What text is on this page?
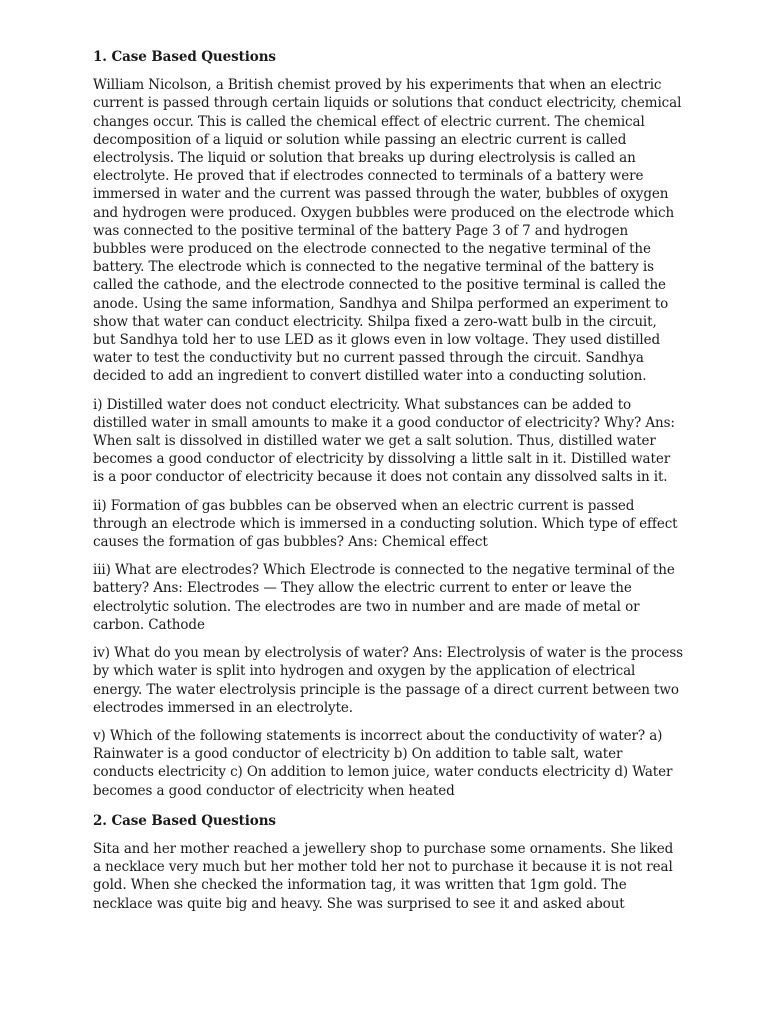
1. Case Based Questions

William Nicolson, a British chemist proved by his experiments that when an electric current is passed through certain liquids or solutions that conduct electricity, chemical changes occur. This is called the chemical effect of electric current. The chemical decomposition of a liquid or solution while passing an electric current is called electrolysis. The liquid or solution that breaks up during electrolysis is called an electrolyte. He proved that if electrodes connected to terminals of a battery were immersed in water and the current was passed through the water, bubbles of oxygen and hydrogen were produced. Oxygen bubbles were produced on the electrode which was connected to the positive terminal of the battery Page 3 of 7 and hydrogen bubbles were produced on the electrode connected to the negative terminal of the battery. The electrode which is connected to the negative terminal of the battery is called the cathode, and the electrode connected to the positive terminal is called the anode. Using the same information, Sandhya and Shilpa performed an experiment to show that water can conduct electricity. Shilpa fixed a zero-watt bulb in the circuit, but Sandhya told her to use LED as it glows even in low voltage. They used distilled water to test the conductivity but no current passed through the circuit. Sandhya decided to add an ingredient to convert distilled water into a conducting solution.

i) Distilled water does not conduct electricity. What substances can be added to distilled water in small amounts to make it a good conductor of electricity? Why? Ans: When salt is dissolved in distilled water we get a salt solution. Thus, distilled water becomes a good conductor of electricity by dissolving a little salt in it. Distilled water is a poor conductor of electricity because it does not contain any dissolved salts in it.

ii) Formation of gas bubbles can be observed when an electric current is passed through an electrode which is immersed in a conducting solution. Which type of effect causes the formation of gas bubbles? Ans: Chemical effect

iii) What are electrodes? Which Electrode is connected to the negative terminal of the battery? Ans: Electrodes — They allow the electric current to enter or leave the electrolytic solution. The electrodes are two in number and are made of metal or carbon. Cathode

iv) What do you mean by electrolysis of water? Ans: Electrolysis of water is the process by which water is split into hydrogen and oxygen by the application of electrical energy. The water electrolysis principle is the passage of a direct current between two electrodes immersed in an electrolyte.

v) Which of the following statements is incorrect about the conductivity of water? a) Rainwater is a good conductor of electricity b) On addition to table salt, water conducts electricity c) On addition to lemon juice, water conducts electricity d) Water becomes a good conductor of electricity when heated

2. Case Based Questions

Sita and her mother reached a jewellery shop to purchase some ornaments. She liked a necklace very much but her mother told her not to purchase it because it is not real gold. When she checked the information tag, it was written that 1gm gold. The necklace was quite big and heavy. She was surprised to see it and asked about
